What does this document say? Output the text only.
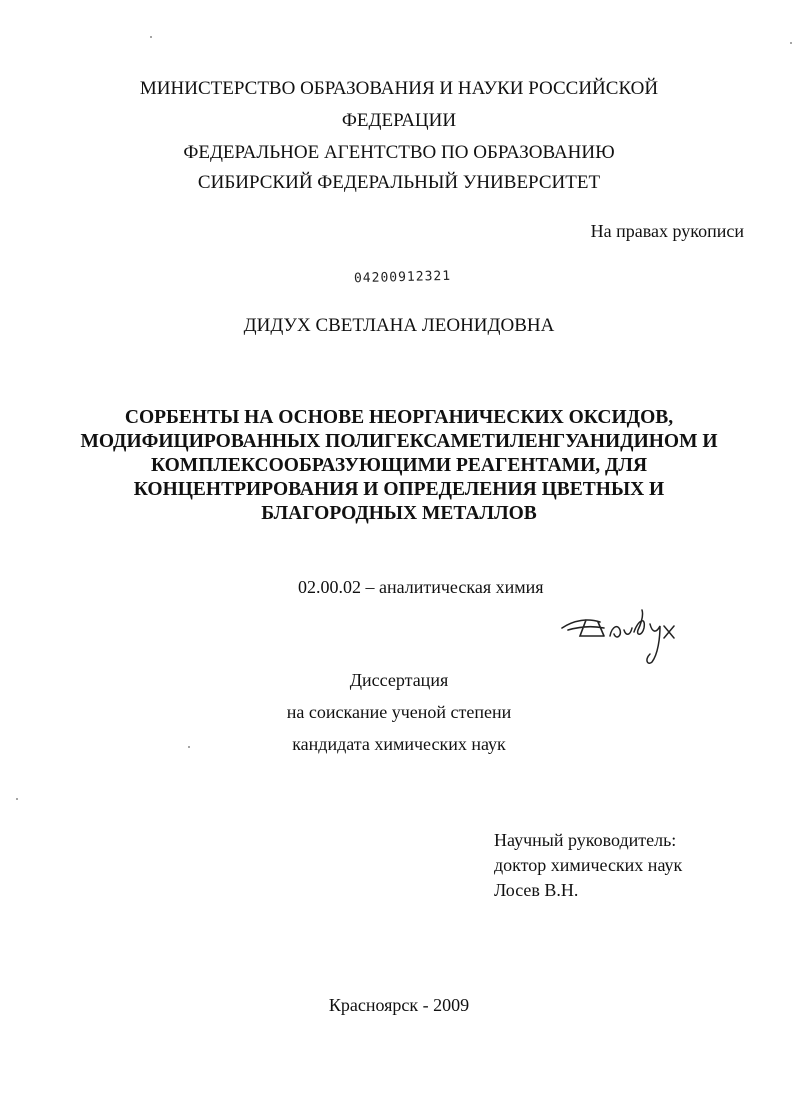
МИНИСТЕРСТВО ОБРАЗОВАНИЯ И НАУКИ РОССИЙСКОЙ
ФЕДЕРАЦИИ
ФЕДЕРАЛЬНОЕ АГЕНТСТВО ПО ОБРАЗОВАНИЮ
СИБИРСКИЙ ФЕДЕРАЛЬНЫЙ УНИВЕРСИТЕТ
На правах рукописи
04200912321
ДИДУХ СВЕТЛАНА ЛЕОНИДОВНА
СОРБЕНТЫ НА ОСНОВЕ НЕОРГАНИЧЕСКИХ ОКСИДОВ,
МОДИФИЦИРОВАННЫХ ПОЛИГЕКСАМЕТИЛЕНГУАНИДИНОМ И
КОМПЛЕКСООБРАЗУЮЩИМИ РЕАГЕНТАМИ, ДЛЯ
КОНЦЕНТРИРОВАНИЯ И ОПРЕДЕЛЕНИЯ ЦВЕТНЫХ И
БЛАГОРОДНЫХ МЕТАЛЛОВ
02.00.02 – аналитическая химия
Диссертация
на соискание ученой степени
кандидата химических наук
Научный руководитель:
доктор химических наук
Лосев В.Н.
Красноярск - 2009
